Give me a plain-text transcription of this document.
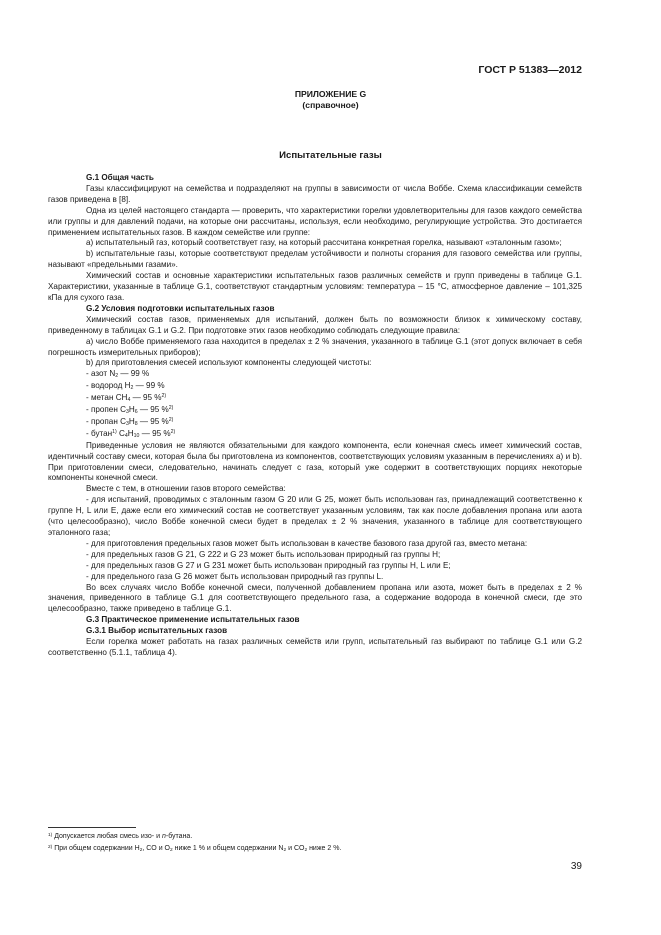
ГОСТ Р 51383—2012
ПРИЛОЖЕНИЕ G
(справочное)
Испытательные газы

G.1 Общая часть

Газы классифицируют на семейства и подразделяют на группы в зависимости от числа Воббе. Схема классификации семейств газов приведена в [8].

Одна из целей настоящего стандарта — проверить, что характеристики горелки удовлетворительны для газов каждого семейства или группы и для давлений подачи, на которые они рассчитаны, используя, если необходимо, регулирующие устройства. Это достигается применением испытательных газов. В каждом семействе или группе:

a) испытательный газ, который соответствует газу, на который рассчитана конкретная горелка, называют «эталонным газом»;

b) испытательные газы, которые соответствуют пределам устойчивости и полноты сгорания для газового семейства или группы, называют «предельными газами».

Химический состав и основные характеристики испытательных газов различных семейств и групп приведены в таблице G.1. Характеристики, указанные в таблице G.1, соответствуют стандартным условиям: температура – 15 °С, атмосферное давление – 101,325 кПа для сухого газа.

G.2 Условия подготовки испытательных газов

Химический состав газов, применяемых для испытаний, должен быть по возможности близок к химическому составу, приведенному в таблицах G.1 и G.2. При подготовке этих газов необходимо соблюдать следующие правила:

a) число Воббе применяемого газа находится в пределах ± 2 % значения, указанного в таблице G.1 (этот допуск включает в себя погрешность измерительных приборов);

b) для приготовления смесей используют компоненты следующей чистоты:

- азот N2 — 99 %

- водород H2 — 99 %

- метан CH4 — 95 %$^{2)}$

- пропен C3H6 — 95 %$^{2)}$

- пропан C3H8 — 95 %$^{2)}$

- бутан$^{1)}$ C4H10 — 95 %$^{2)}$

Приведенные условия не являются обязательными для каждого компонента, если конечная смесь имеет химический состав, идентичный составу смеси, которая была бы приготовлена из компонентов, соответствующих условиям указанным в перечислениях a) и b). При приготовлении смеси, следовательно, начинать следует с газа, который уже содержит в соответствующих порциях некоторые компоненты конечной смеси.

Вместе с тем, в отношении газов второго семейства:

- для испытаний, проводимых с эталонным газом G 20 или G 25, может быть использован газ, принадлежащий соответственно к группе H, L или E, даже если его химический состав не соответствует указанным условиям, так как после добавления пропана или азота (что целесообразно), число Воббе конечной смеси будет в пределах ± 2 % значения, указанного в таблице для соответствующего эталонного газа;

- для приготовления предельных газов может быть использован в качестве базового газа другой газ, вместо метана:

- для предельных газов G 21, G 222 и G 23 может быть использован природный газ группы H;

- для предельных газов G 27 и G 231 может быть использован природный газ группы H, L или E;

- для предельного газа G 26 может быть использован природный газ группы L.

Во всех случаях число Воббе конечной смеси, полученной добавлением пропана или азота, может быть в пределах ± 2 % значения, приведенного в таблице G.1 для соответствующего предельного газа, а содержание водорода в конечной смеси, где это целесообразно, также приведено в таблице G.1.

G.3 Практическое применение испытательных газов

G.3.1 Выбор испытательных газов

Если горелка может работать на газах различных семейств или групп, испытательный газ выбирают по таблице G.1 или G.2 соответственно (5.1.1, таблица 4).

$^{1)}$ Допускается любая смесь изо- и n-бутана.

$^{2)}$ При общем содержании H2, CO и O2 ниже 1 % и общем содержании N2 и CO2 ниже 2 %.

39
